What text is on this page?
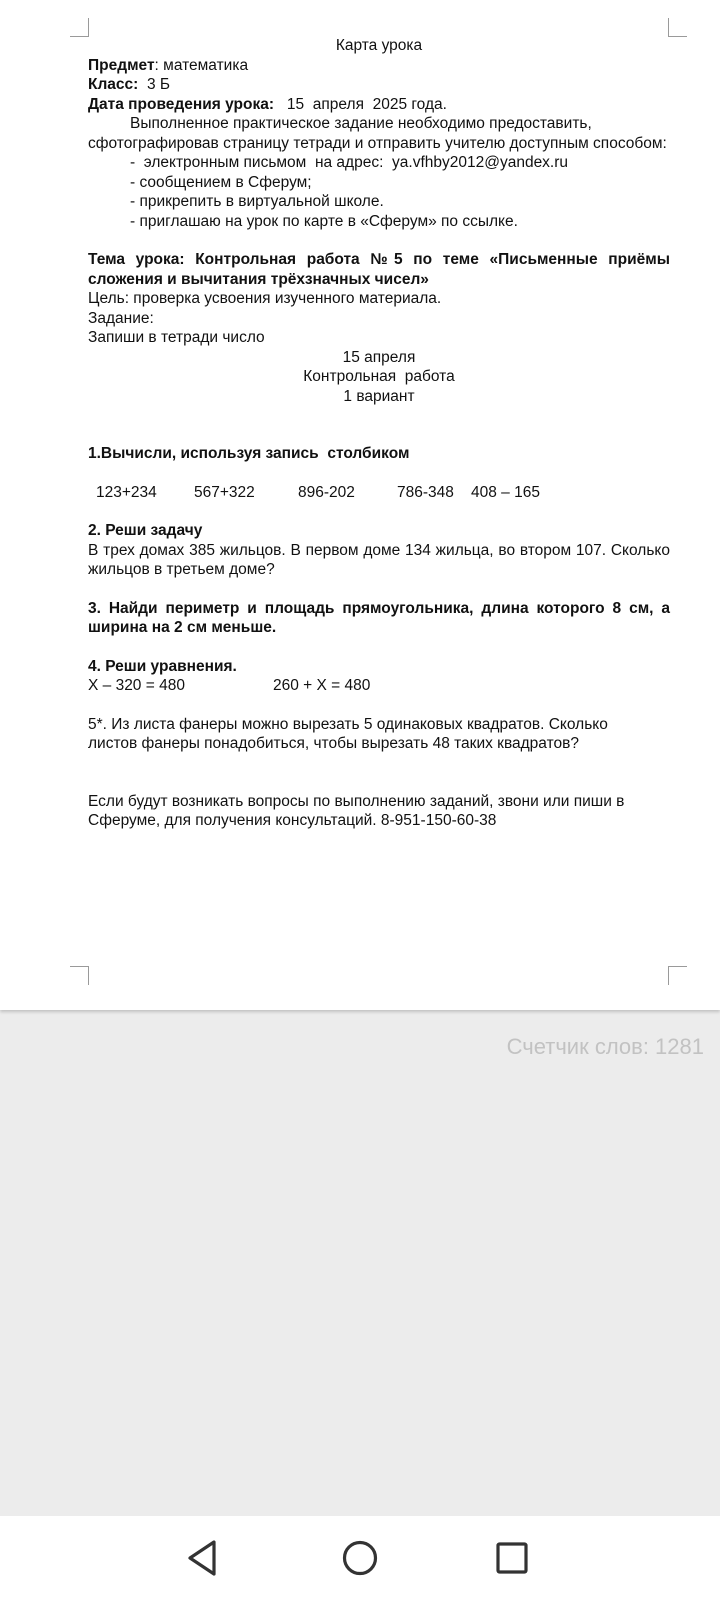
Карта урока
Предмет: математика
Класс:  3 Б
Дата проведения урока:   15  апреля  2025 года.
Выполненное практическое задание необходимо предоставить,
сфотографировав страницу тетради и отправить учителю доступным способом:
-  электронным письмом  на адрес:  ya.vfhby2012@yandex.ru
- сообщением в Сферум;
- прикрепить в виртуальной школе.
- приглашаю на урок по карте в «Сферум» по ссылке.
Тема урока: Контрольная работа №5 по теме «Письменные приёмы сложения и вычитания трёхзначных чисел»
Цель: проверка усвоения изученного материала.
Задание:
Запиши в тетради число
15 апреля
Контрольная  работа
1 вариант
1.Вычисли, используя запись  столбиком
123+234 567+322	896-202	786-348 408 – 165
2. Реши задачу
В трех домах 385 жильцов. В первом доме 134 жильца, во втором 107. Сколько жильцов в третьем доме?
3. Найди периметр и площадь прямоугольника, длина которого 8 см, а ширина на 2 см меньше.
4. Реши уравнения.
Х – 320 = 480	260 + Х = 480
5*. Из листа фанеры можно вырезать 5 одинаковых квадратов. Сколько листов фанеры понадобиться, чтобы вырезать 48 таких квадратов?
Если будут возникать вопросы по выполнению заданий, звони или пиши в Сферуме, для получения консультаций. 8-951-150-60-38
Счетчик слов: 1281
